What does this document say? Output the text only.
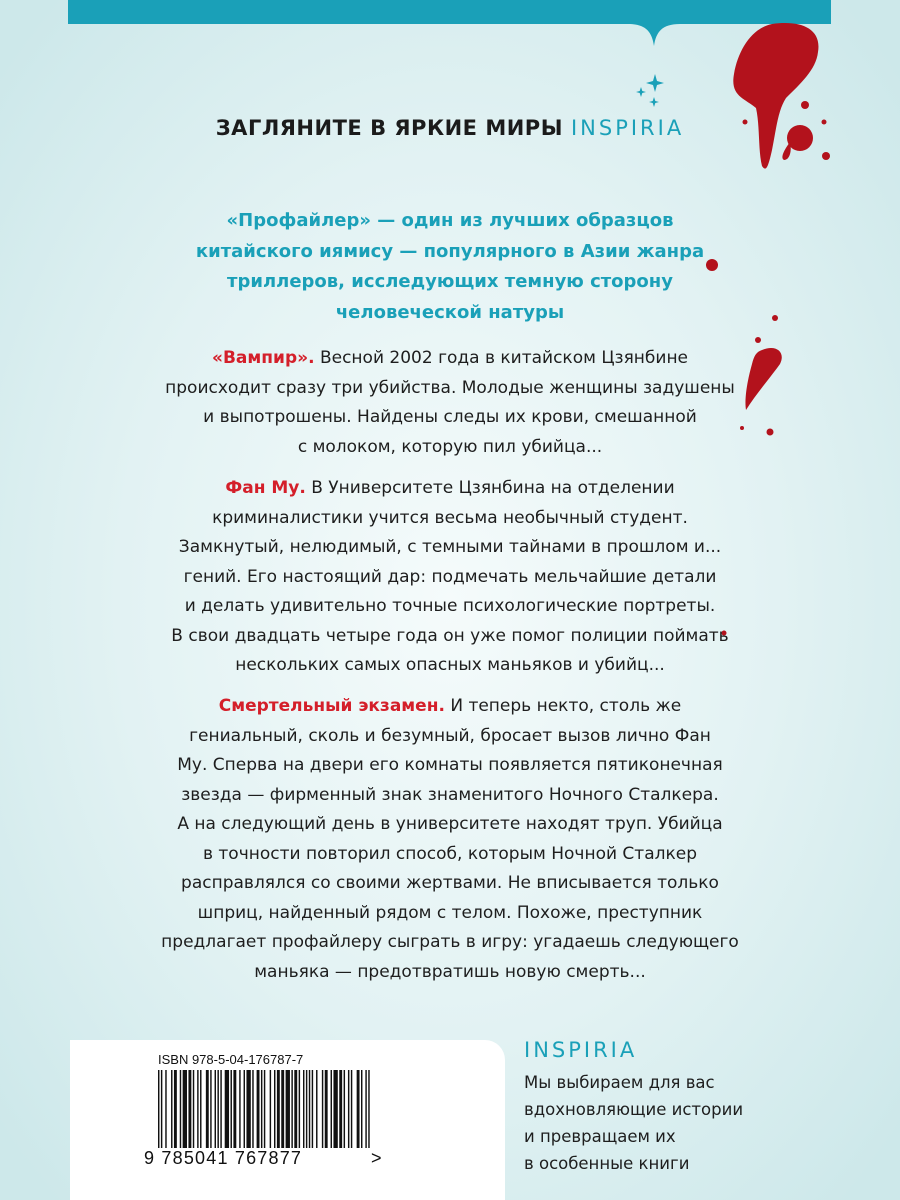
ЗАГЛЯНИТЕ В ЯРКИЕ МИРЫ INSPIRIA
«Профайлер» — один из лучших образцов
китайского иямису — популярного в Азии жанра
триллеров, исследующих темную сторону
человеческой натуры
«Вампир». Весной 2002 года в китайском Цзянбине
происходит сразу три убийства. Молодые женщины задушены
и выпотрошены. Найдены следы их крови, смешанной
с молоком, которую пил убийца...
Фан Му. В Университете Цзянбина на отделении
криминалистики учится весьма необычный студент.
Замкнутый, нелюдимый, с темными тайнами в прошлом и...
гений. Его настоящий дар: подмечать мельчайшие детали
и делать удивительно точные психологические портреты.
В свои двадцать четыре года он уже помог полиции поймать
нескольких самых опасных маньяков и убийц...
Смертельный экзамен. И теперь некто, столь же
гениальный, сколь и безумный, бросает вызов лично Фан
Му. Сперва на двери его комнаты появляется пятиконечная
звезда — фирменный знак знаменитого Ночного Сталкера.
А на следующий день в университете находят труп. Убийца
в точности повторил способ, которым Ночной Сталкер
расправлялся со своими жертвами. Не вписывается только
шприц, найденный рядом с телом. Похоже, преступник
предлагает профайлеру сыграть в игру: угадаешь следующего
маньяка — предотвратишь новую смерть...
ISBN 978-5-04-176787-7
9 785041 767877	>
INSPIRIA
Мы выбираем для вас
вдохновляющие истории
и превращаем их
в особенные книги
